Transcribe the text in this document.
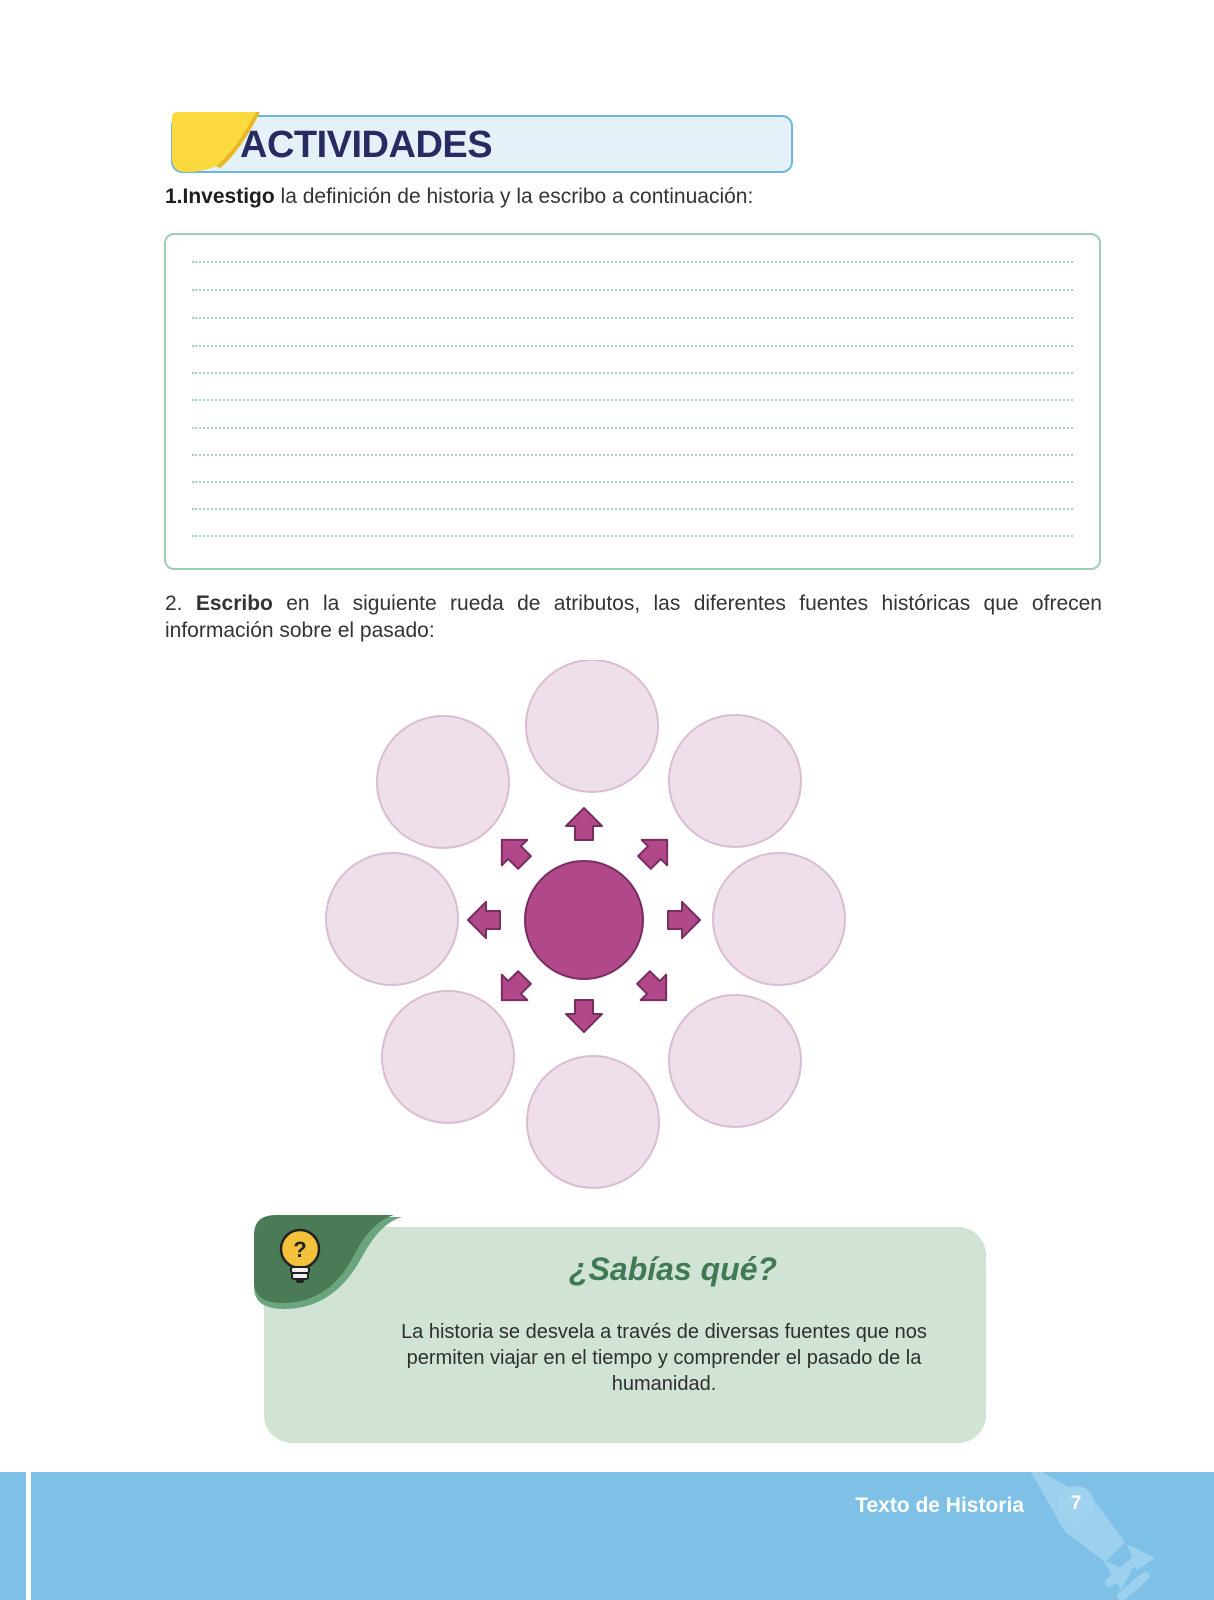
ACTIVIDADES
1.Investigo la definición de historia y la escribo a continuación:
2. Escribo en la siguiente rueda de atributos, las diferentes fuentes históricas que ofrecen información sobre el pasado:
?
¿Sabías qué?
La historia se desvela a través de diversas fuentes que nos permiten viajar en el tiempo y comprender el pasado de la humanidad.
Texto de Historia	7
